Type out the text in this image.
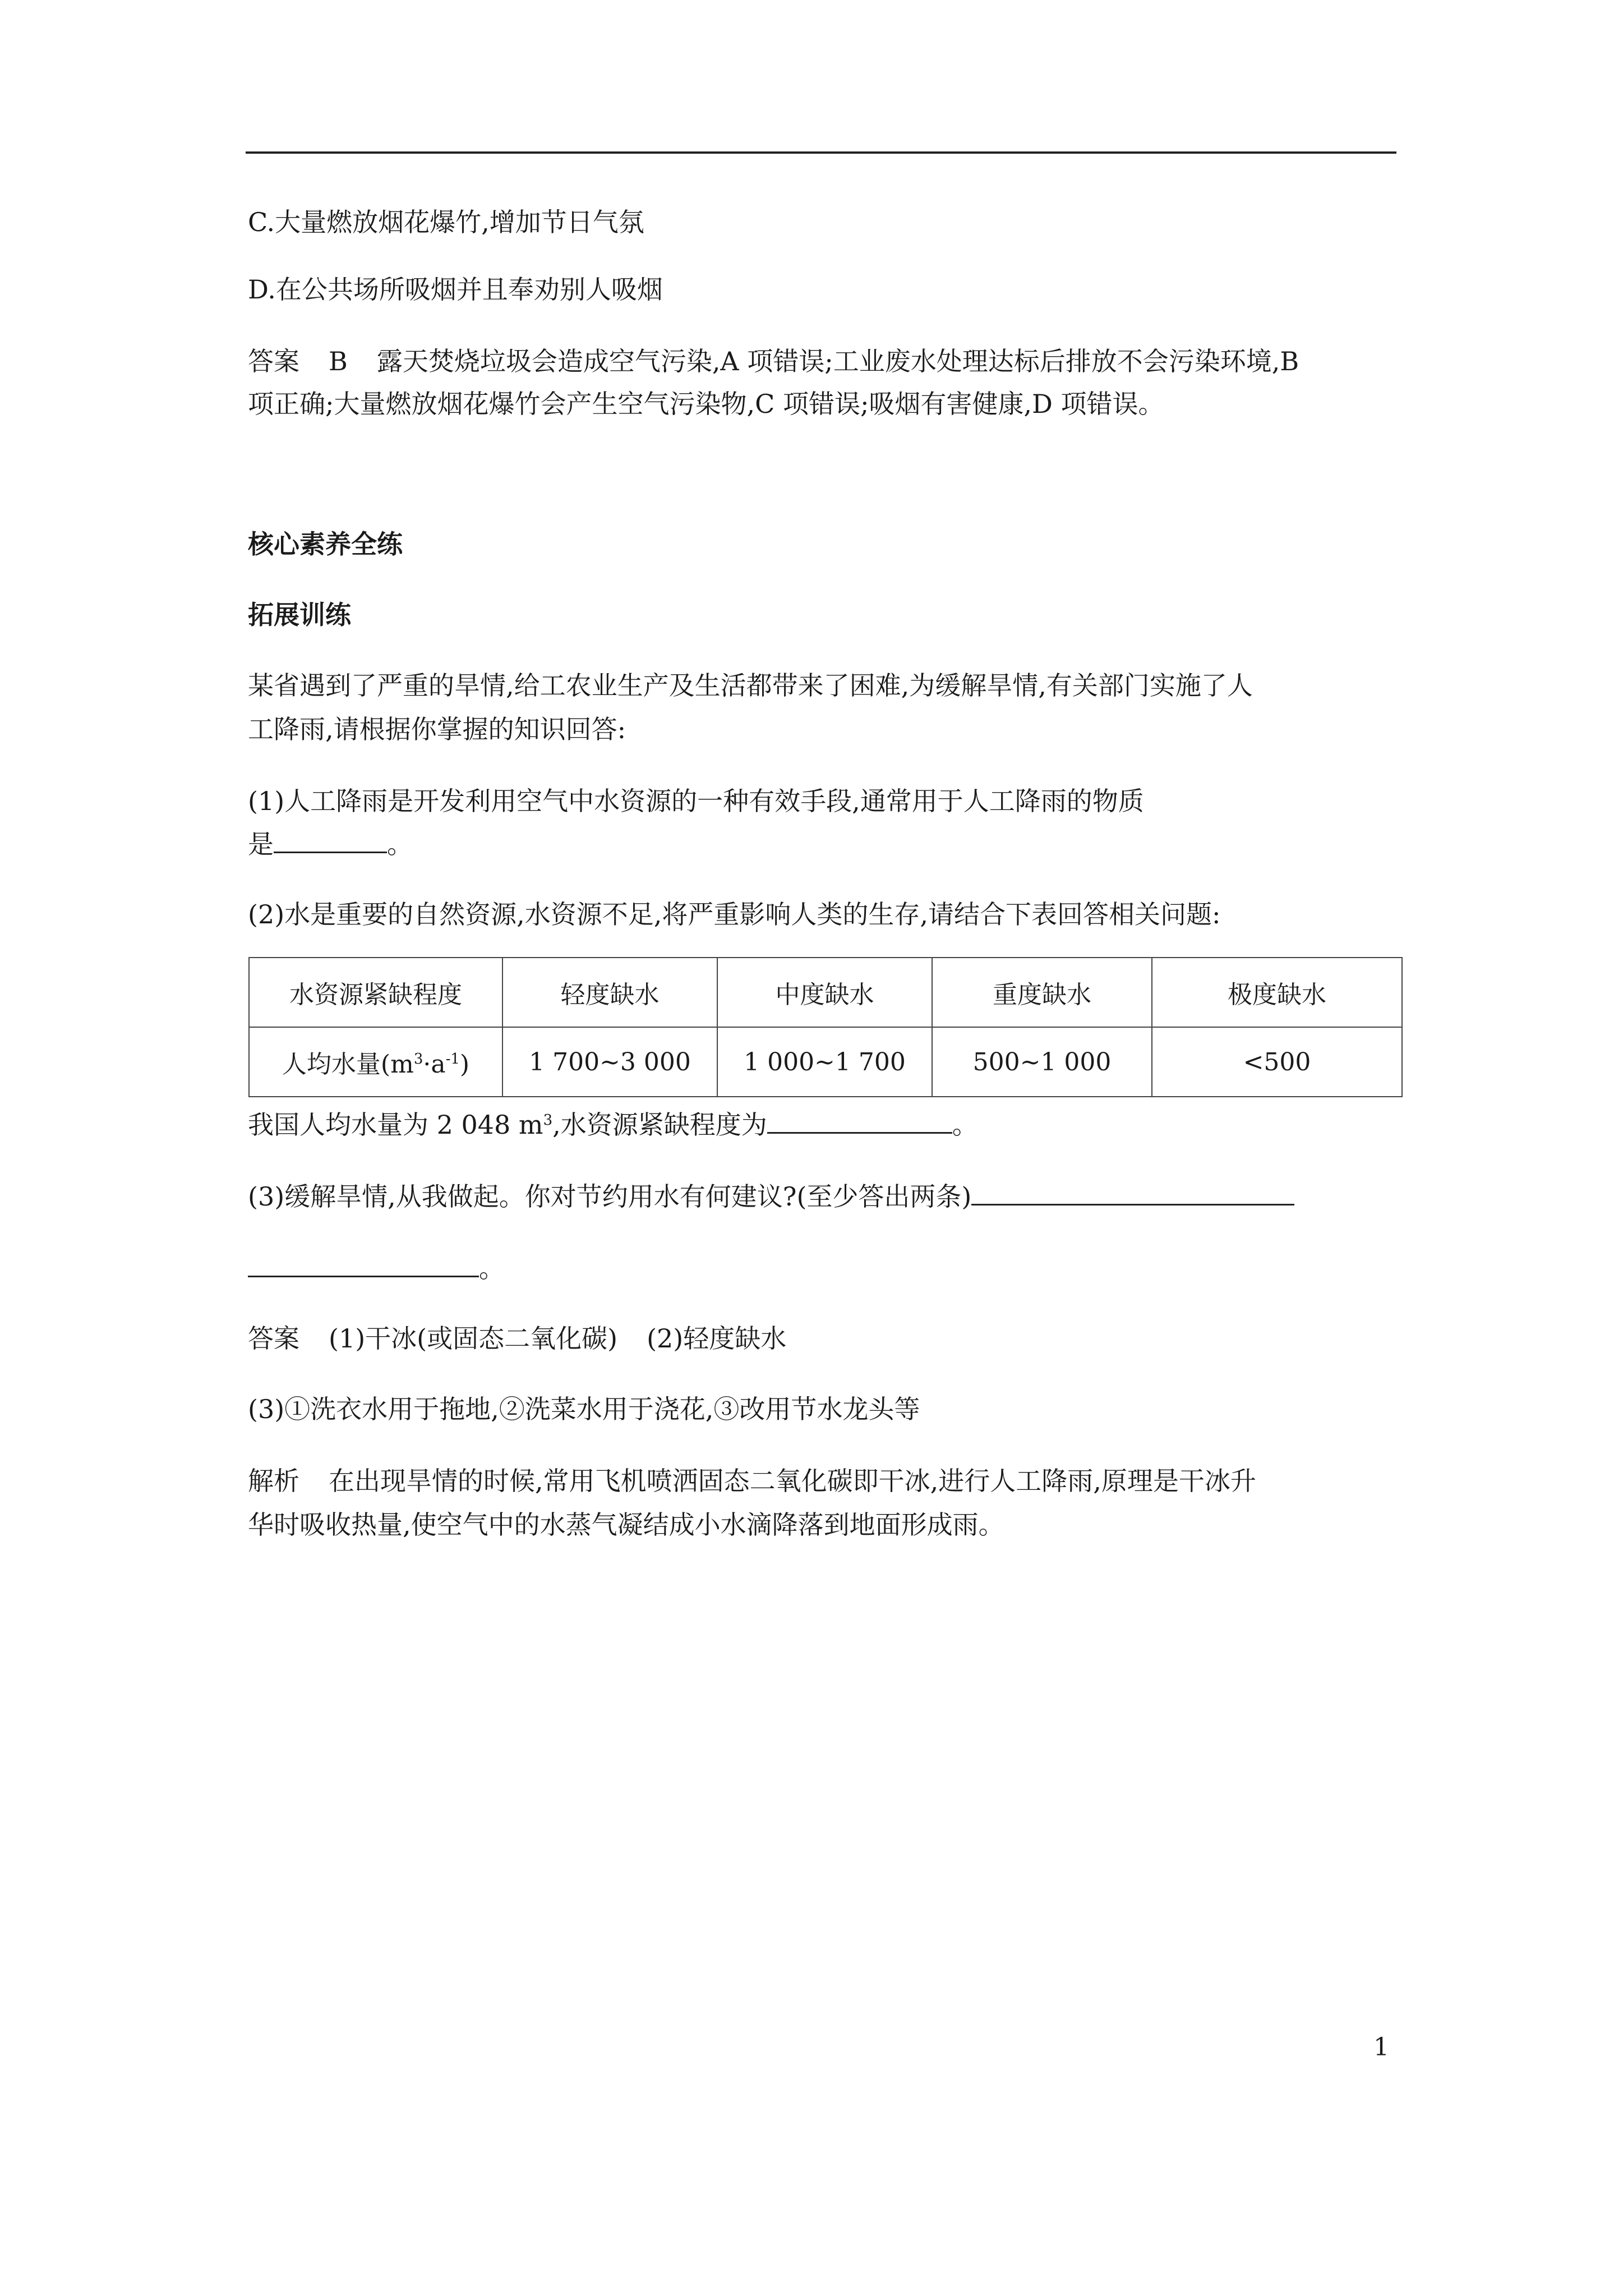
C.大量燃放烟花爆竹,增加节日气氛
D.在公共场所吸烟并且奉劝别人吸烟
答案 B 露天焚烧垃圾会造成空气污染,A 项错误;工业废水处理达标后排放不会污染环境,B
项正确;大量燃放烟花爆竹会产生空气污染物,C 项错误;吸烟有害健康,D 项错误。
核心素养全练
拓展训练
某省遇到了严重的旱情,给工农业生产及生活都带来了困难,为缓解旱情,有关部门实施了人
工降雨,请根据你掌握的知识回答:
(1)人工降雨是开发利用空气中水资源的一种有效手段,通常用于人工降雨的物质
是	。
(2)水是重要的自然资源,水资源不足,将严重影响人类的生存,请结合下表回答相关问题:
水资源紧缺程度	轻度缺水	中度缺水	重度缺水	极度缺水
人均水量$(m^3\cdot a^{-1})$	1 700~3 000	1 000~1 700	500~1 000	<500
我国人均水量为 2 048 $m^3$,水资源紧缺程度为	。
(3)缓解旱情,从我做起。你对节约用水有何建议?(至少答出两条)
。
答案 (1)干冰(或固态二氧化碳) (2)轻度缺水
(3)①洗衣水用于拖地,②洗菜水用于浇花,③改用节水龙头等
解析 在出现旱情的时候,常用飞机喷洒固态二氧化碳即干冰,进行人工降雨,原理是干冰升
华时吸收热量,使空气中的水蒸气凝结成小水滴降落到地面形成雨。
1
